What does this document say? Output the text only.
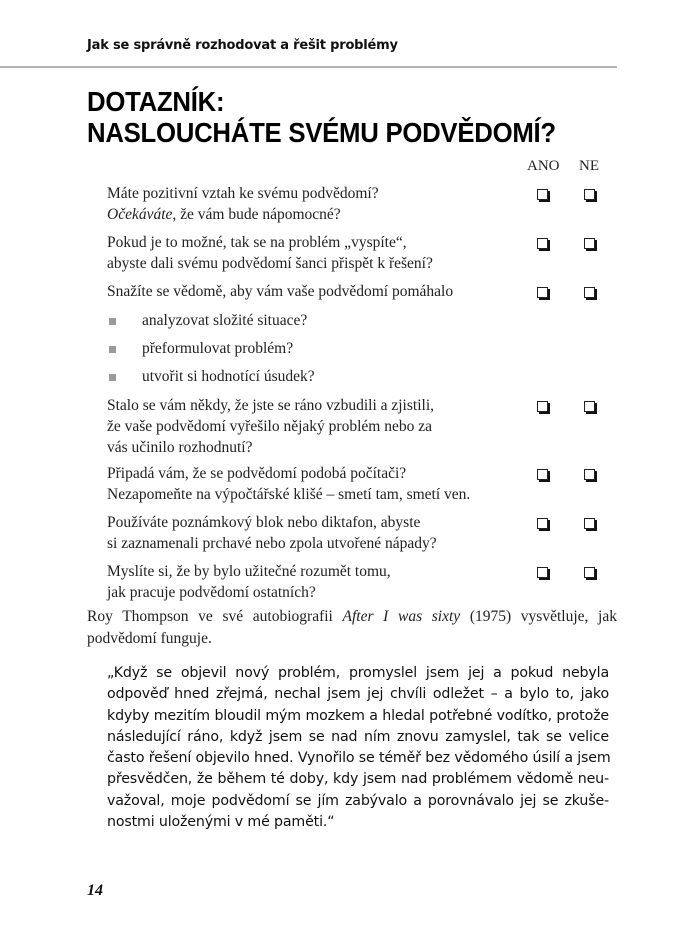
Jak se správně rozhodovat a řešit problémy
DOTAZNÍK:
NASLOUCHÁTE SVÉMU PODVĚDOMÍ?
ANO NE
Máte pozitivní vztah ke svému podvědomí?
Očekáváte, že vám bude nápomocné?
Pokud je to možné, tak se na problém „vyspíte“,
abyste dali svému podvědomí šanci přispět k řešení?
Snažíte se vědomě, aby vám vaše podvědomí pomáhalo
analyzovat složité situace?
přeformulovat problém?
utvořit si hodnotící úsudek?
Stalo se vám někdy, že jste se ráno vzbudili a zjistili,
že vaše podvědomí vyřešilo nějaký problém nebo za
vás učinilo rozhodnutí?
Připadá vám, že se podvědomí podobá počítači?
Nezapomeňte na výpočtářské klišé – smetí tam, smetí ven.
Používáte poznámkový blok nebo diktafon, abyste
si zaznamenali prchavé nebo zpola utvořené nápady?
Myslíte si, že by bylo užitečné rozumět tomu,
jak pracuje podvědomí ostatních?

Roy Thompson ve své autobiografii After I was sixty (1975) vysvětluje, jak podvědomí funguje.

„Když se objevil nový problém, promyslel jsem jej a pokud nebyla
odpověď hned zřejmá, nechal jsem jej chvíli odležet – a bylo to, jako
kdyby mezitím bloudil mým mozkem a hledal potřebné vodítko, protože
následující ráno, když jsem se nad ním znovu zamyslel, tak se velice
často řešení objevilo hned. Vynořilo se téměř bez vědomého úsilí a jsem
přesvědčen, že během té doby, kdy jsem nad problémem vědomě neu-
važoval, moje podvědomí se jím zabývalo a porovnávalo jej se zkuše-
nostmi uloženými v mé paměti.“
14
